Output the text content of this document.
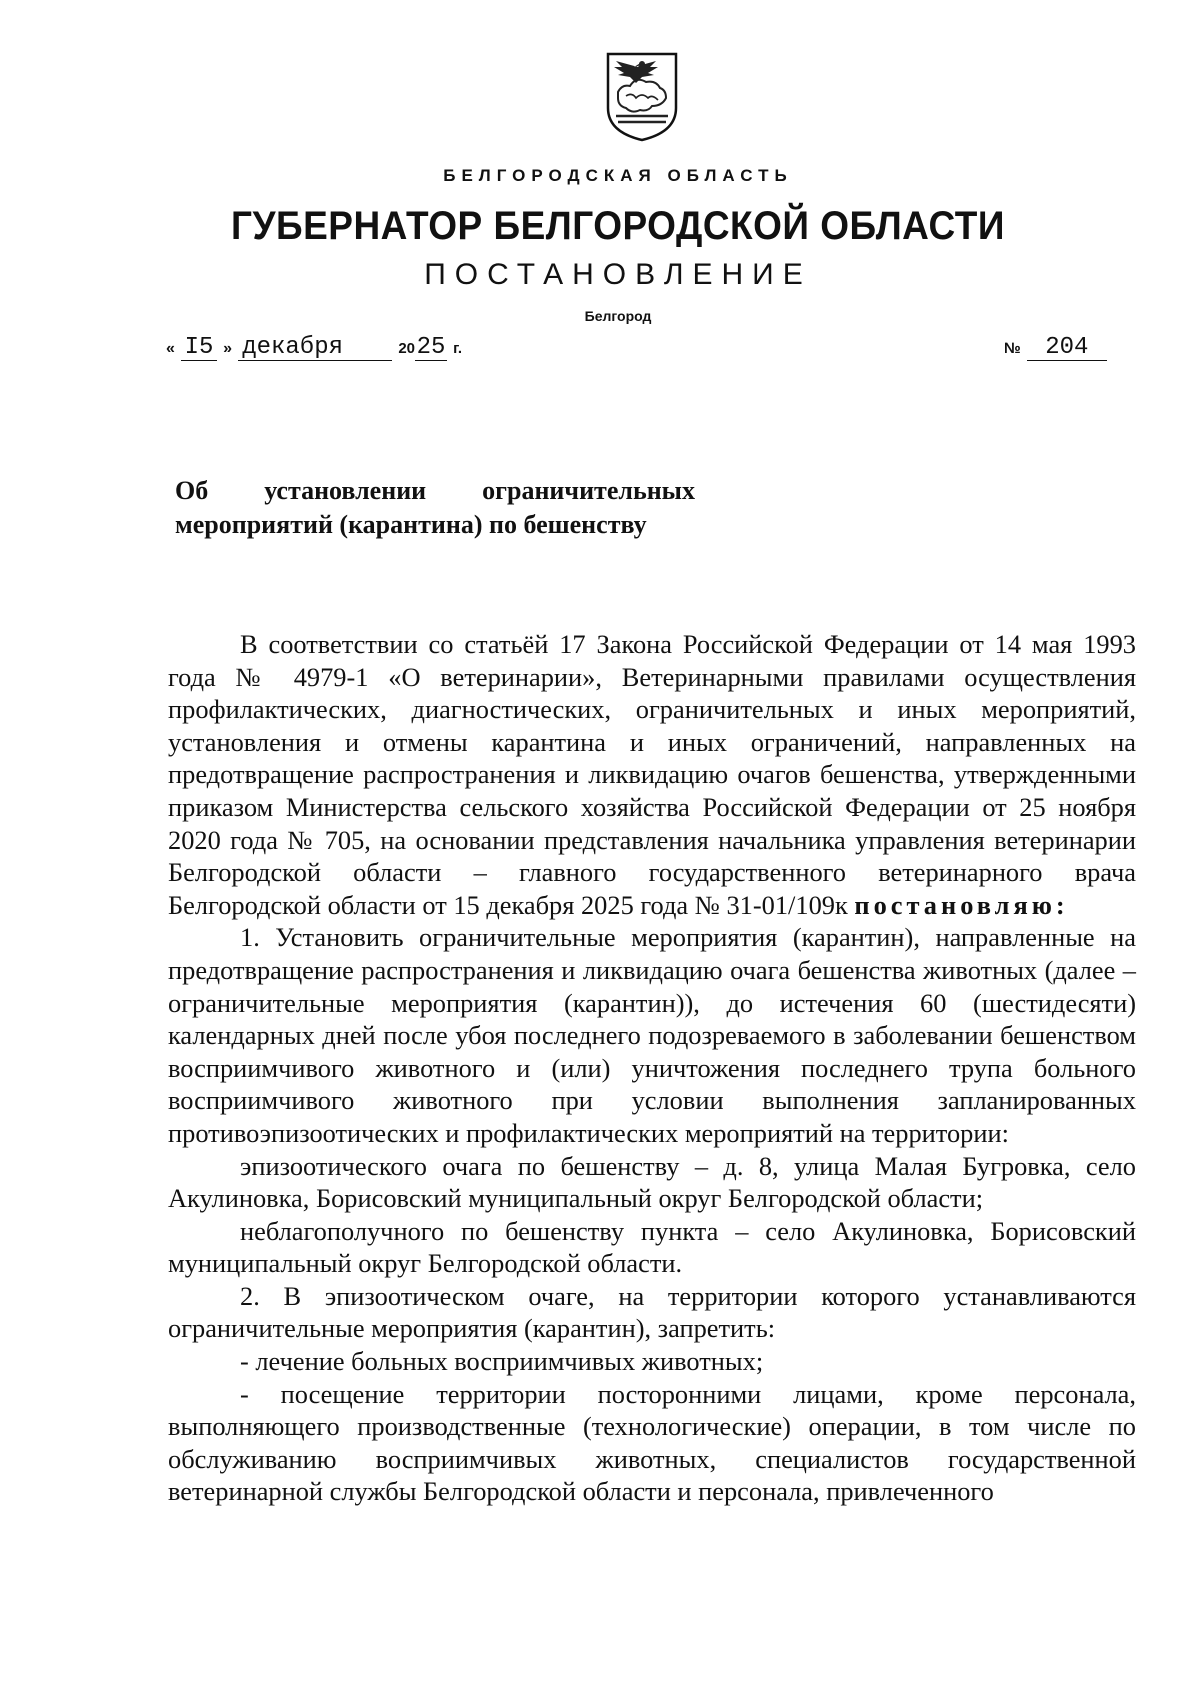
БЕЛГОРОДСКАЯ ОБЛАСТЬ
ГУБЕРНАТОР БЕЛГОРОДСКОЙ ОБЛАСТИ
ПОСТАНОВЛЕНИЕ
Белгород
« I5 » декабря	2025 г.	№ 204
Об установлении ограничительных
мероприятий (карантина) по бешенству

В соответствии со статьёй 17 Закона Российской Федерации от 14 мая 1993 года № 4979-1 «О ветеринарии», Ветеринарными правилами осуществления профилактических, диагностических, ограничительных и иных мероприятий, установления и отмены карантина и иных ограничений, направленных на предотвращение распространения и ликвидацию очагов бешенства, утвержденными приказом Министерства сельского хозяйства Российской Федерации от 25 ноября 2020 года № 705, на основании представления начальника управления ветеринарии Белгородской области – главного государственного ветеринарного врача Белгородской области от 15 декабря 2025 года № 31-01/109к постановляю:

1. Установить ограничительные мероприятия (карантин), направленные на предотвращение распространения и ликвидацию очага бешенства животных (далее – ограничительные мероприятия (карантин)), до истечения 60 (шестидесяти) календарных дней после убоя последнего подозреваемого в заболевании бешенством восприимчивого животного и (или) уничтожения последнего трупа больного восприимчивого животного при условии выполнения запланированных противоэпизоотических и профилактических мероприятий на территории:

эпизоотического очага по бешенству – д. 8, улица Малая Бугровка, село Акулиновка, Борисовский муниципальный округ Белгородской области;

неблагополучного по бешенству пункта – село Акулиновка, Борисовский муниципальный округ Белгородской области.

2. В эпизоотическом очаге, на территории которого устанавливаются ограничительные мероприятия (карантин), запретить:

- лечение больных восприимчивых животных;

- посещение территории посторонними лицами, кроме персонала, выполняющего производственные (технологические) операции, в том числе по обслуживанию восприимчивых животных, специалистов государственной ветеринарной службы Белгородской области и персонала, привлеченного
